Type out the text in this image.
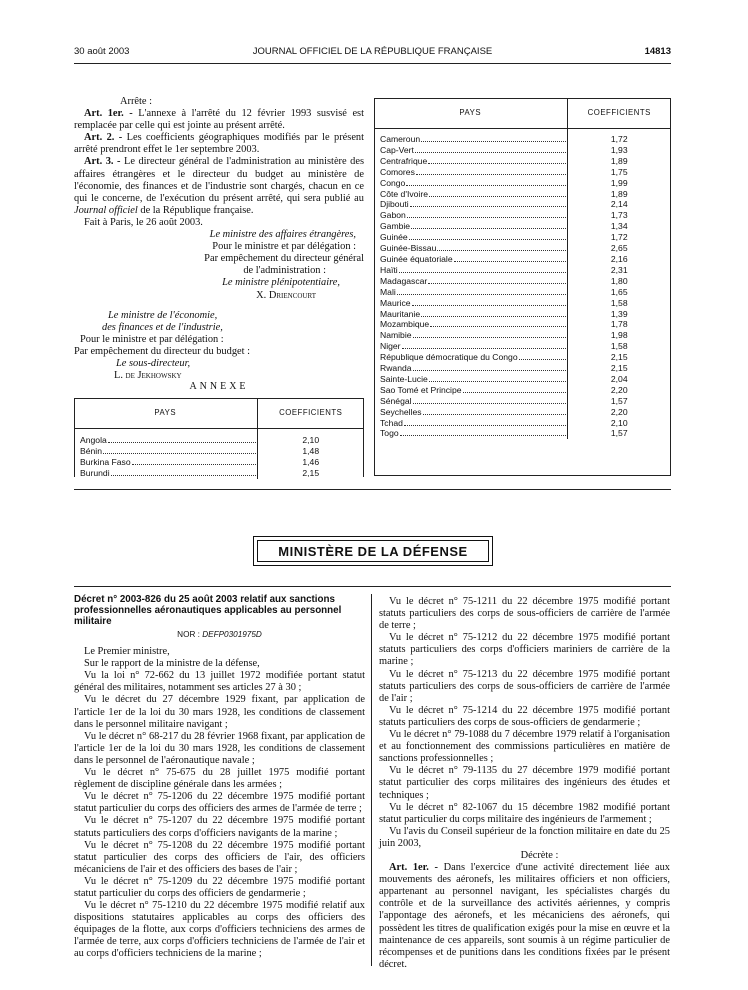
30 août 2003	JOURNAL OFFICIEL DE LA RÉPUBLIQUE FRANÇAISE	14813

Arrête :

Art. 1er. - L'annexe à l'arrêté du 12 février 1993 susvisé est remplacée par celle qui est jointe au présent arrêté.

Art. 2. - Les coefficients géographiques modifiés par le présent arrêté prendront effet le 1er septembre 2003.

Art. 3. - Le directeur général de l'administration au ministère des affaires étrangères et le directeur du budget au ministère de l'économie, des finances et de l'industrie sont chargés, chacun en ce qui le concerne, de l'exécution du présent arrêté, qui sera publié au Journal officiel de la République française.

Fait à Paris, le 26 août 2003.

Le ministre des affaires étrangères,
Pour le ministre et par délégation :
Par empêchement du directeur général
de l'administration :
Le ministre plénipotentiaire,
X. Driencourt
Le ministre de l'économie,
des finances et de l'industrie,
Pour le ministre et par délégation :
Par empêchement du directeur du budget :
Le sous-directeur,
L. de Jekhowsky
ANNEXE
PAYS	COEFFICIENTS

Angola	2,10

Bénin	1,48

Burkina Faso	1,46

Burundi	2,15
PAYS	COEFFICIENTS

Cameroun	1,72

Cap-Vert	1,93

Centrafrique	1,89

Comores	1,75

Congo	1,99

Côte d'Ivoire	1,89

Djibouti	2,14

Gabon	1,73

Gambie	1,34

Guinée	1,72

Guinée-Bissau	2,65

Guinée équatoriale	2,16

Haïti	2,31

Madagascar	1,80

Mali	1,65

Maurice	1,58

Mauritanie	1,39

Mozambique	1,78

Namibie	1,98

Niger	1,58

République démocratique du Congo	2,15

Rwanda	2,15

Sainte-Lucie	2,04

Sao Tomé et Principe	2,20

Sénégal	1,57

Seychelles	2,20

Tchad	2,10

Togo	1,57
MINISTÈRE DE LA DÉFENSE

Décret n° 2003-826 du 25 août 2003 relatif aux sanctions professionnelles aéronautiques applicables au personnel militaire

NOR : DEFP0301975D

Le Premier ministre,

Sur le rapport de la ministre de la défense,

Vu la loi n° 72-662 du 13 juillet 1972 modifiée portant statut général des militaires, notamment ses articles 27 à 30 ;

Vu le décret du 27 décembre 1929 fixant, par application de l'article 1er de la loi du 30 mars 1928, les conditions de classement dans le personnel militaire navigant ;

Vu le décret n° 68-217 du 28 février 1968 fixant, par application de l'article 1er de la loi du 30 mars 1928, les conditions de classement dans le personnel de l'aéronautique navale ;

Vu le décret n° 75-675 du 28 juillet 1975 modifié portant règlement de discipline générale dans les armées ;

Vu le décret n° 75-1206 du 22 décembre 1975 modifié portant statut particulier du corps des officiers des armes de l'armée de terre ;

Vu le décret n° 75-1207 du 22 décembre 1975 modifié portant statuts particuliers des corps d'officiers navigants de la marine ;

Vu le décret n° 75-1208 du 22 décembre 1975 modifié portant statut particulier des corps des officiers de l'air, des officiers mécaniciens de l'air et des officiers des bases de l'air ;

Vu le décret n° 75-1209 du 22 décembre 1975 modifié portant statut particulier du corps des officiers de gendarmerie ;

Vu le décret n° 75-1210 du 22 décembre 1975 modifié relatif aux dispositions statutaires applicables au corps des officiers des équipages de la flotte, aux corps d'officiers techniciens des armes de l'armée de terre, aux corps d'officiers techniciens de l'armée de l'air et au corps d'officiers techniciens de la marine ;

Vu le décret n° 75-1211 du 22 décembre 1975 modifié portant statuts particuliers des corps de sous-officiers de carrière de l'armée de terre ;

Vu le décret n° 75-1212 du 22 décembre 1975 modifié portant statuts particuliers des corps d'officiers mariniers de carrière de la marine ;

Vu le décret n° 75-1213 du 22 décembre 1975 modifié portant statuts particuliers des corps de sous-officiers de carrière de l'armée de l'air ;

Vu le décret n° 75-1214 du 22 décembre 1975 modifié portant statuts particuliers des corps de sous-officiers de gendarmerie ;

Vu le décret n° 79-1088 du 7 décembre 1979 relatif à l'organisation et au fonctionnement des commissions particulières en matière de sanctions professionnelles ;

Vu le décret n° 79-1135 du 27 décembre 1979 modifié portant statut particulier des corps militaires des ingénieurs des études et techniques ;

Vu le décret n° 82-1067 du 15 décembre 1982 modifié portant statut particulier du corps militaire des ingénieurs de l'armement ;

Vu l'avis du Conseil supérieur de la fonction militaire en date du 25 juin 2003,

Décrète :

Art. 1er. - Dans l'exercice d'une activité directement liée aux mouvements des aéronefs, les militaires officiers et non officiers, appartenant au personnel navigant, les spécialistes chargés du contrôle et de la surveillance des activités aériennes, y compris l'appontage des aéronefs, et les mécaniciens des aéronefs, qui possèdent les titres de qualification exigés pour la mise en œuvre et la maintenance de ces appareils, sont soumis à un régime particulier de récompenses et de punitions dans les conditions fixées par le présent décret.
